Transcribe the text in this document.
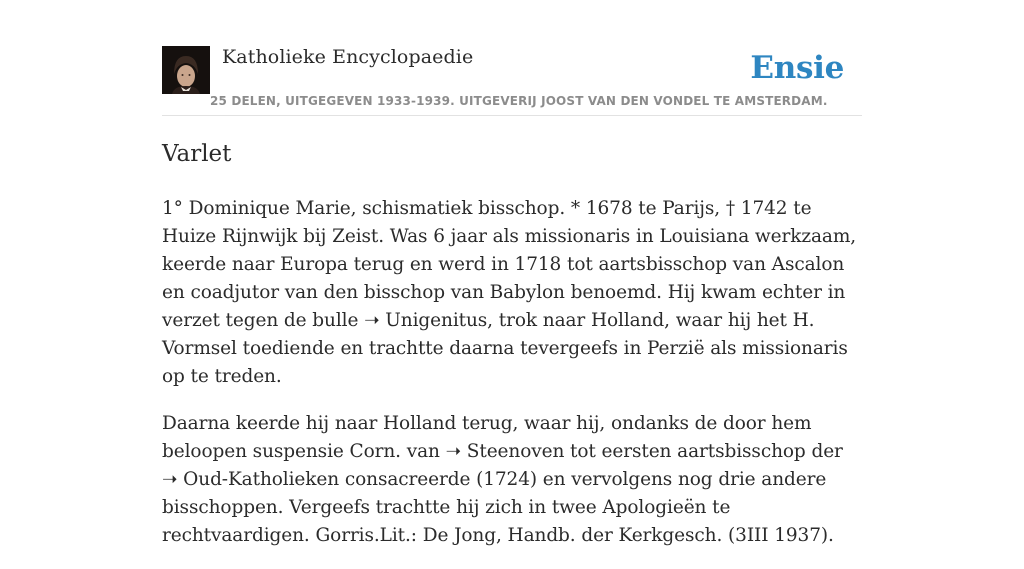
Katholieke Encyclopaedie	Ensie
25 DELEN, UITGEGEVEN 1933-1939. UITGEVERIJ JOOST VAN DEN VONDEL TE AMSTERDAM.
Varlet

1° Dominique Marie, schismatiek bisschop. * 1678 te Parijs, † 1742 te Huize Rijnwijk bij Zeist. Was 6 jaar als missionaris in Louisiana werkzaam, keerde naar Europa terug en werd in 1718 tot aartsbisschop van Ascalon en coadjutor van den bisschop van Babylon benoemd. Hij kwam echter in verzet tegen de bulle ➝ Unigenitus, trok naar Holland, waar hij het H. Vormsel toediende en trachtte daarna tevergeefs in Perzië als missionaris op te treden.

Daarna keerde hij naar Holland terug, waar hij, ondanks de door hem beloopen suspensie Corn. van ➝ Steenoven tot eersten aartsbisschop der ➝ Oud-Katholieken consacreerde (1724) en vervolgens nog drie andere bisschoppen. Vergeefs trachtte hij zich in twee Apologieën te rechtvaardigen. Gorris.Lit.: De Jong, Handb. der Kerkgesch. (3III 1937).
